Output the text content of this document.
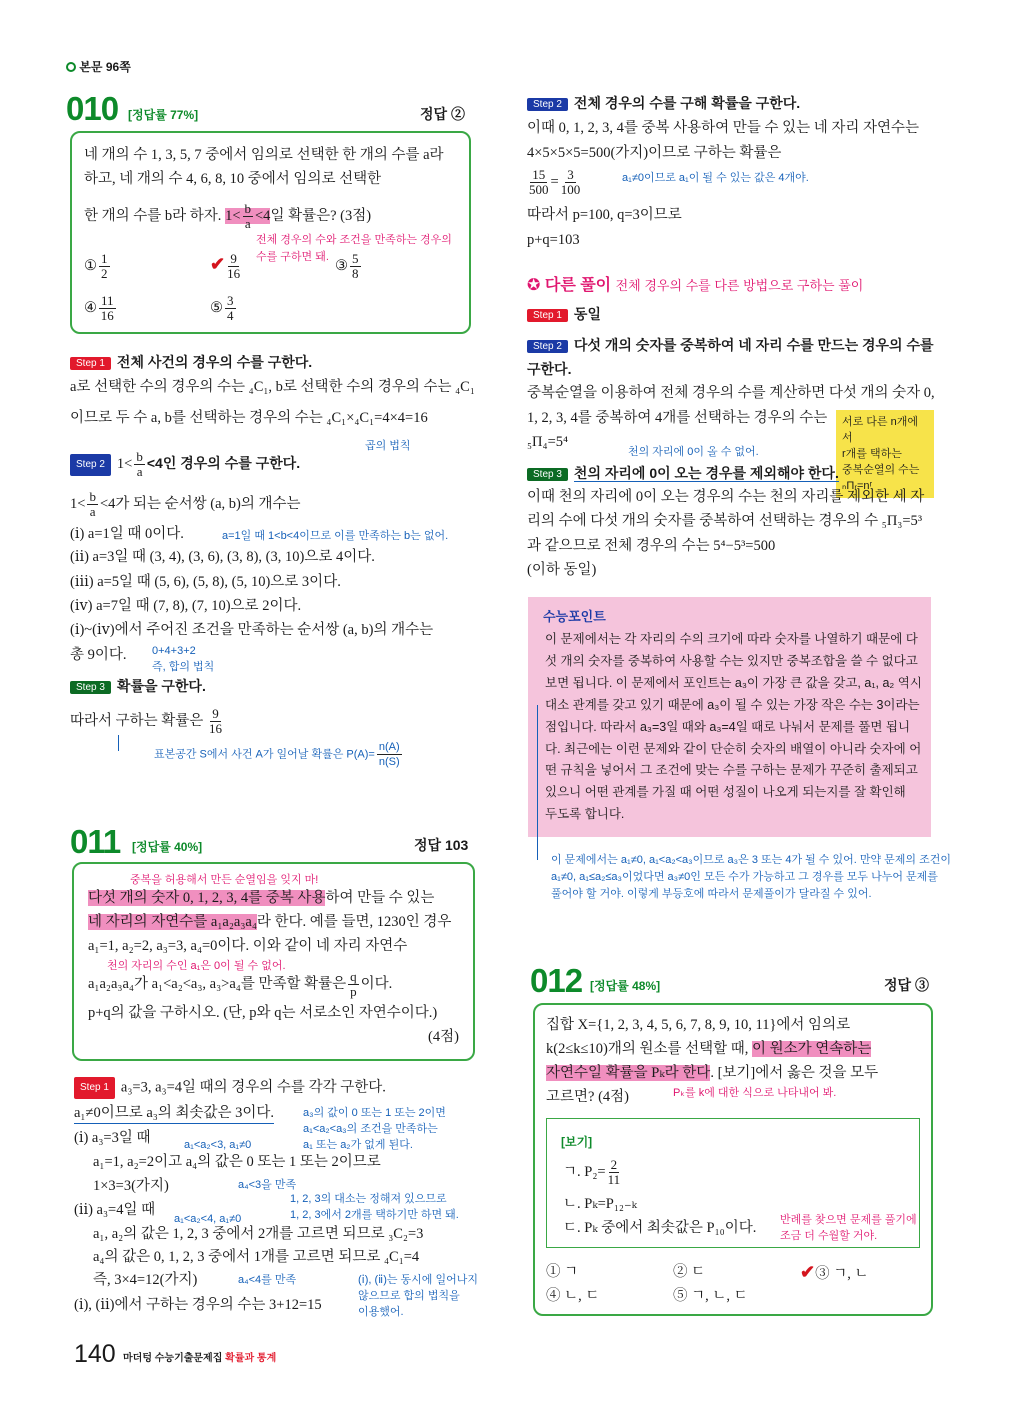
본문 96쪽
010 [정답률 77%]	정답 ②
네 개의 수 1, 3, 5, 7 중에서 임의로 선택한 한 개의 수를 a라
하고, 네 개의 수 4, 6, 8, 10 중에서 임의로 선택한
한 개의 수를 b라 하자. $1< \frac{b}{a} <4$일 확률은? (3점)
전체 경우의 수와 조건을 만족하는 경우의
수를 구하면 돼.
① $\frac{1}{2}$	✔ $\frac{9}{16}$	③ $\frac{5}{8}$
④ $\frac{11}{16}$	⑤ $\frac{3}{4}$
Step 1 전체 사건의 경우의 수를 구한다.
a로 선택한 수의 경우의 수는 ₄C₁, b로 선택한 수의 경우의 수는 ₄C₁
이므로 두 수 a, b를 선택하는 경우의 수는 ₄C₁×₄C₁=4×4=16
곱의 법칙
Step 2 $1< \frac{b}{a} <4$인 경우의 수를 구한다.
$1< \frac{b}{a} <4$가 되는 순서쌍 (a, b)의 개수는
(ⅰ) a=1일 때 0이다.	a=1일 때 1<b<4이므로 이를 만족하는 b는 없어.
(ⅱ) a=3일 때 (3, 4), (3, 6), (3, 8), (3, 10)으로 4이다.
(ⅲ) a=5일 때 (5, 6), (5, 8), (5, 10)으로 3이다.
(ⅳ) a=7일 때 (7, 8), (7, 10)으로 2이다.
(ⅰ)~(ⅳ)에서 주어진 조건을 만족하는 순서쌍 (a, b)의 개수는
총 9이다. 0+4+3+2
즉, 합의 법칙
Step 3 확률을 구한다.
따라서 구하는 확률은 $\frac{9}{16}$
표본공간 S에서 사건 A가 일어날 확률은 $P(A)= \frac{n(A)}{n(S)}$
011 [정답률 40%]	정답 103
중복을 허용해서 만든 순열임을 잊지 마!
다섯 개의 숫자 0, 1, 2, 3, 4를 중복 사용하여 만들 수 있는
네 자리의 자연수를 a₁a₂a₃a₄라 한다. 예를 들면, 1230인 경우
a₁=1, a₂=2, a₃=3, a₄=0이다. 이와 같이 네 자리 자연수
천의 자리의 수인 a₁은 0이 될 수 없어.
a₁a₂a₃a₄가 a₁<a₂<a₃, a₃>a₄를 만족할 확률은 $\frac{q}{p}$ 이다.
p+q의 값을 구하시오. (단, p와 q는 서로소인 자연수이다.)
(4점)
Step 1 a₃=3, a₃=4일 때의 경우의 수를 각각 구한다.
a₁≠0이므로 a₃의 최솟값은 3이다.	a₃의 값이 0 또는 1 또는 2이면
a₁<a₂<a₃의 조건을 만족하는
a₁ 또는 a₂가 없게 된다.
(ⅰ) a₃=3일 때	a₁<a₂<3, a₁≠0
a₁=1, a₂=2이고 a₄의 값은 0 또는 1 또는 2이므로
1×3=3(가지)	a₄<3을 만족
1, 2, 3의 대소는 정해져 있으므로
1, 2, 3에서 2개를 택하기만 하면 돼.
(ⅱ) a₃=4일 때
a₁<a₂<4, a₁≠0
a₁, a₂의 값은 1, 2, 3 중에서 2개를 고르면 되므로 ₃C₂=3
a₄의 값은 0, 1, 2, 3 중에서 1개를 고르면 되므로 ₄C₁=4
즉, 3×4=12(가지)	a₄<4를 만족
(ⅰ), (ⅱ)에서 구하는 경우의 수는 3+12=15
(ⅰ), (ⅱ)는 동시에 일어나지
않으므로 합의 법칙을
이용했어.
140 마더텅 수능기출문제집 확률과 통계
Step 2 전체 경우의 수를 구해 확률을 구한다.
이때 0, 1, 2, 3, 4를 중복 사용하여 만들 수 있는 네 자리 자연수는
4×5×5×5=500(가지)이므로 구하는 확률은
$\frac{15}{500} = \frac{3}{100}$	a₁≠0이므로 a₁이 될 수 있는 값은 4개야.
따라서 p=100, q=3이므로
p+q=103
✪ 다른 풀이 전체 경우의 수를 다른 방법으로 구하는 풀이
Step 1 동일
Step 2 다섯 개의 숫자를 중복하여 네 자리 수를 만드는 경우의 수를
구한다.
중복순열을 이용하여 전체 경우의 수를 계산하면 다섯 개의 숫자 0,
1, 2, 3, 4를 중복하여 4개를 선택하는 경우의 수는
₅Π₄=5⁴
서로 다른 n개에서
r개를 택하는
중복순열의 수는
ₙΠᵣ=nʳ
천의 자리에 0이 올 수 없어.
Step 3 천의 자리에 0이 오는 경우를 제외해야 한다.
이때 천의 자리에 0이 오는 경우의 수는 천의 자리를 제외한 세 자
리의 수에 다섯 개의 숫자를 중복하여 선택하는 경우의 수 ₅Π₃=5³
과 같으므로 전체 경우의 수는 5⁴−5³=500
(이하 동일)
수능포인트
이 문제에서는 각 자리의 수의 크기에 따라 숫자를 나열하기 때문에 다
섯 개의 숫자를 중복하여 사용할 수는 있지만 중복조합을 쓸 수 없다고
보면 됩니다. 이 문제에서 포인트는 a₃이 가장 큰 값을 갖고, a₁, a₂ 역시
대소 관계를 갖고 있기 때문에 a₃이 될 수 있는 가장 작은 수는 3이라는
점입니다. 따라서 a₃=3일 때와 a₃=4일 때로 나눠서 문제를 풀면 됩니
다. 최근에는 이런 문제와 같이 단순히 숫자의 배열이 아니라 숫자에 어
떤 규칙을 넣어서 그 조건에 맞는 수를 구하는 문제가 꾸준히 출제되고
있으니 어떤 관계를 가질 때 어떤 성질이 나오게 되는지를 잘 확인해
두도록 합니다.
이 문제에서는 a₁≠0, a₁<a₂<a₃이므로 a₃은 3 또는 4가 될 수 있어. 만약 문제의 조건이
a₁≠0, a₁≤a₂≤a₃이었다면 a₃≠0인 모든 수가 가능하고 그 경우를 모두 나누어 문제를
풀어야 할 거야. 이렇게 부등호에 따라서 문제풀이가 달라질 수 있어.
012 [정답률 48%]	정답 ③
집합 X={1, 2, 3, 4, 5, 6, 7, 8, 9, 10, 11}에서 임의로
k(2≤k≤10)개의 원소를 선택할 때, 이 원소가 연속하는
자연수일 확률을 Pₖ라 한다. [보기]에서 옳은 것을 모두
고르면? (4점)	Pₖ를 k에 대한 식으로 나타내어 봐.
[보기]
ㄱ. $P_2= \frac{2}{11}$
ㄴ. Pₖ=P₁₂₋ₖ
ㄷ. Pₖ 중에서 최솟값은 P₁₀이다. 반례를 찾으면 문제를 풀기에
조금 더 수월할 거야.
① ㄱ	② ㄷ	✔③ ㄱ, ㄴ
④ ㄴ, ㄷ	⑤ ㄱ, ㄴ, ㄷ
